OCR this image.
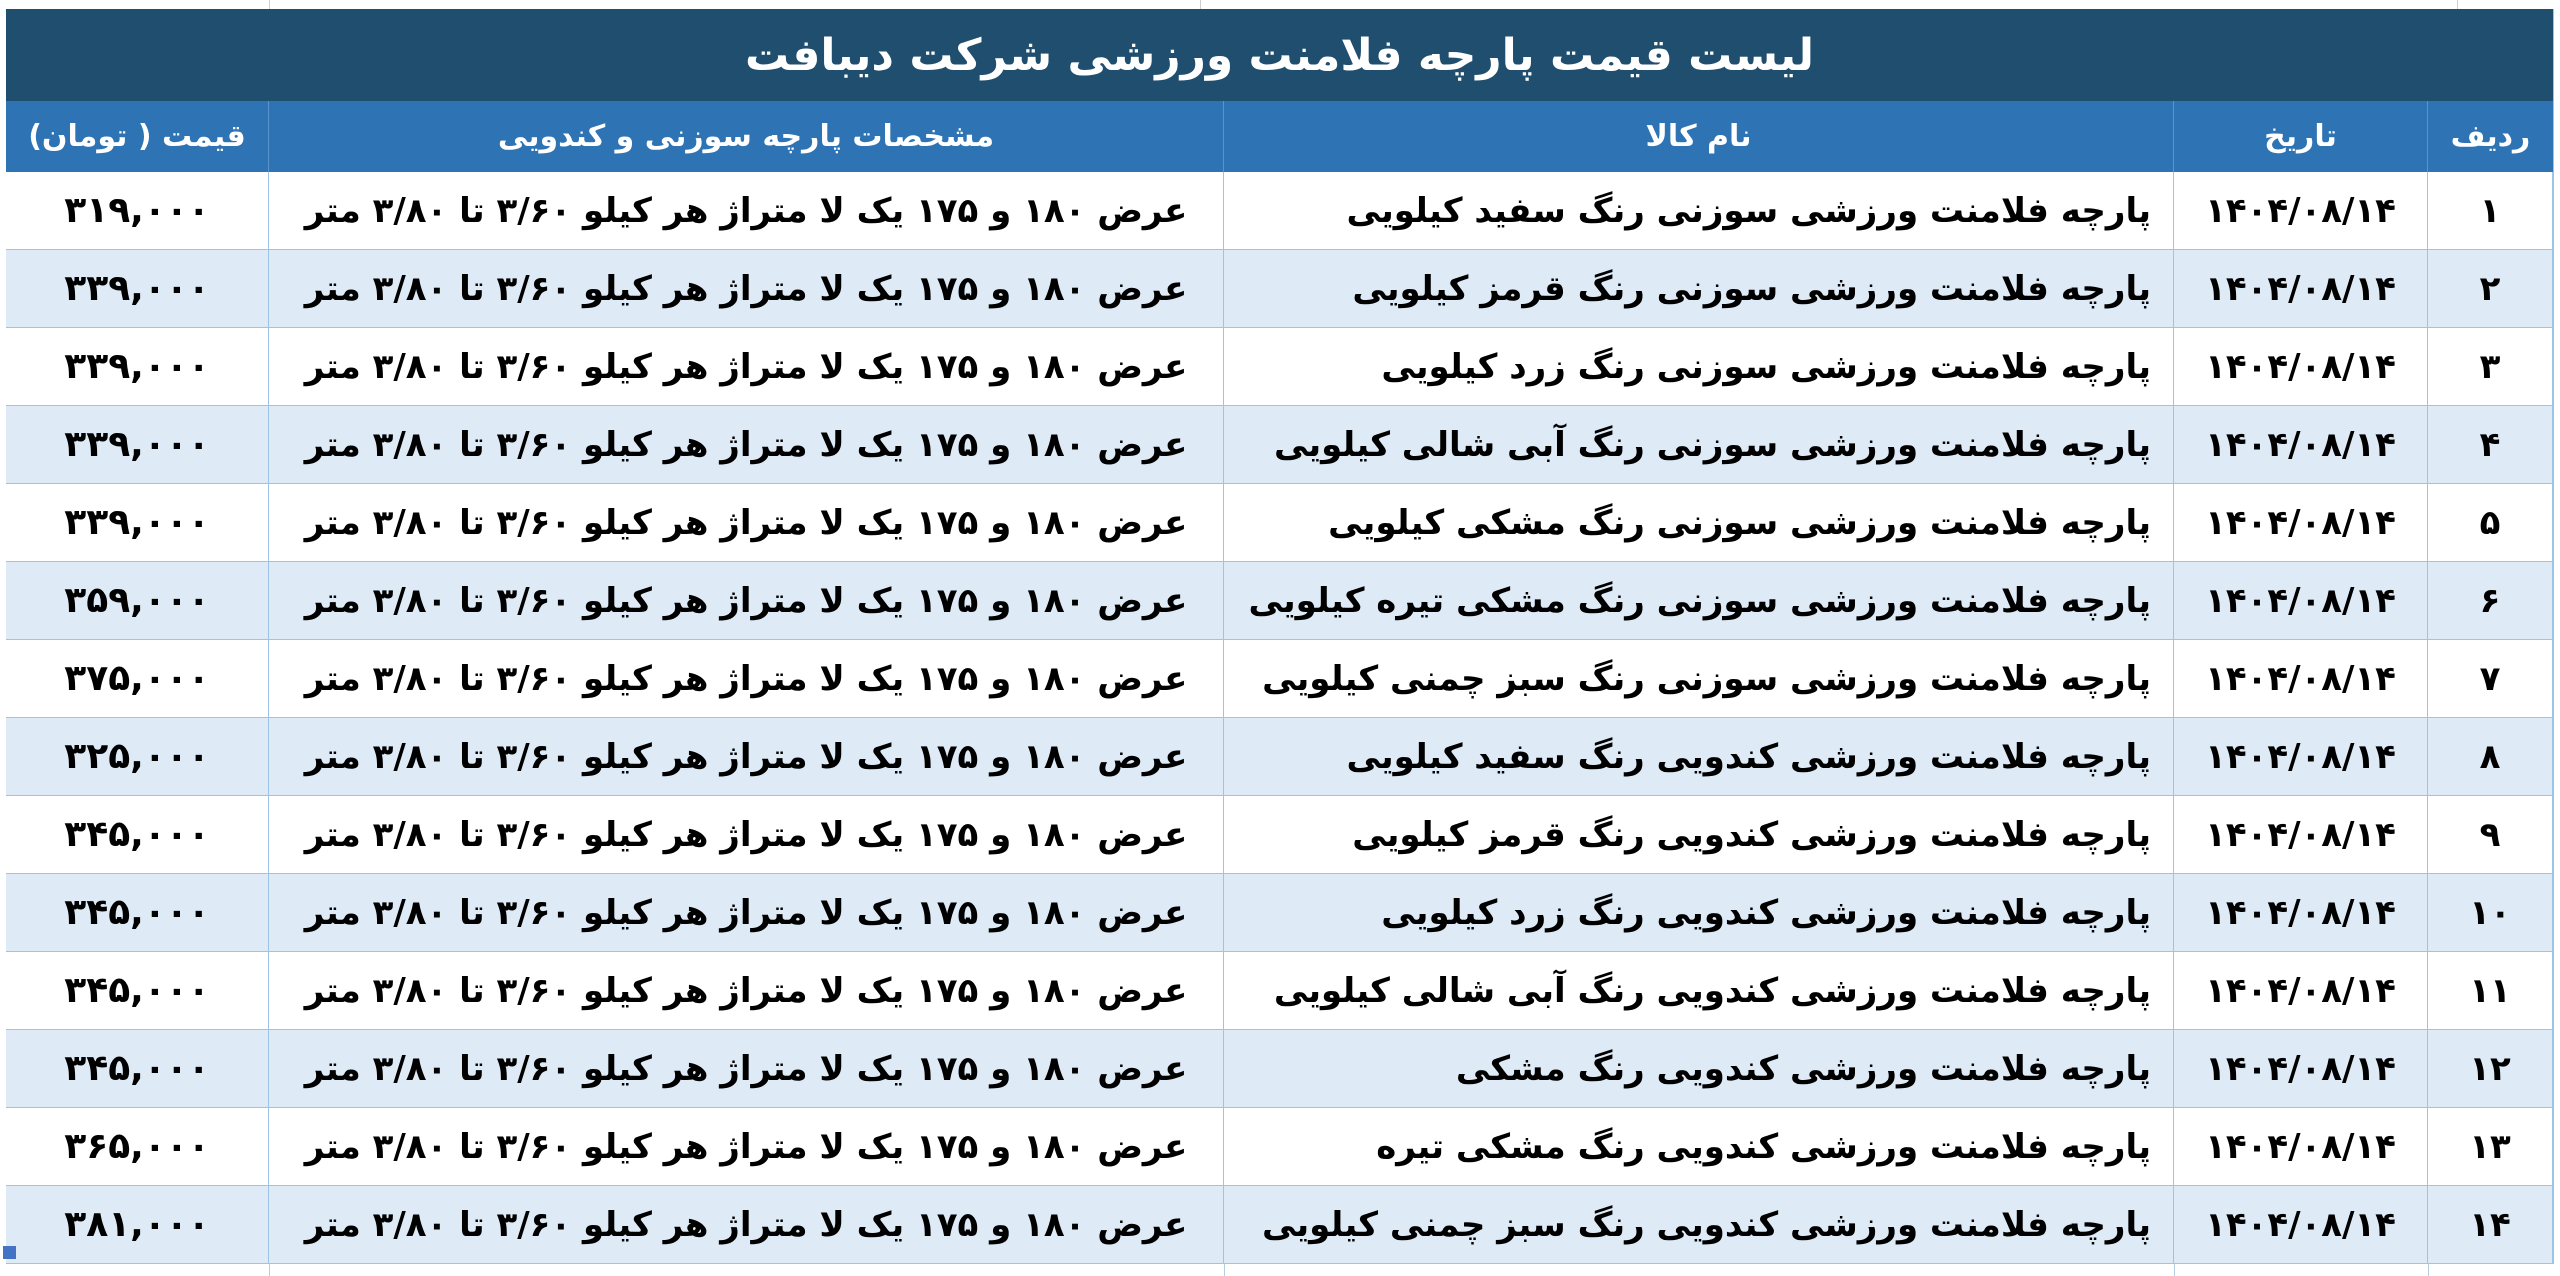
لیست قیمت پارچه فلامنت ورزشی شرکت دیبافت
ردیف
تاریخ
نام کالا
مشخصات پارچه سوزنی و کندویی
قیمت ( تومان)
۱
۱۴۰۴/۰۸/۱۴
پارچه فلامنت ورزشی سوزنی رنگ سفید کیلویی
عرض ۱۸۰ و ۱۷۵ یک لا متراژ هر کیلو ۳/۶۰ تا ۳/۸۰ متر
۳۱۹,۰۰۰
۲
۱۴۰۴/۰۸/۱۴
پارچه فلامنت ورزشی سوزنی رنگ قرمز کیلویی
عرض ۱۸۰ و ۱۷۵ یک لا متراژ هر کیلو ۳/۶۰ تا ۳/۸۰ متر
۳۳۹,۰۰۰
۳
۱۴۰۴/۰۸/۱۴
پارچه فلامنت ورزشی سوزنی رنگ زرد کیلویی
عرض ۱۸۰ و ۱۷۵ یک لا متراژ هر کیلو ۳/۶۰ تا ۳/۸۰ متر
۳۳۹,۰۰۰
۴
۱۴۰۴/۰۸/۱۴
پارچه فلامنت ورزشی سوزنی رنگ آبی شالی کیلویی
عرض ۱۸۰ و ۱۷۵ یک لا متراژ هر کیلو ۳/۶۰ تا ۳/۸۰ متر
۳۳۹,۰۰۰
۵
۱۴۰۴/۰۸/۱۴
پارچه فلامنت ورزشی سوزنی رنگ مشکی کیلویی
عرض ۱۸۰ و ۱۷۵ یک لا متراژ هر کیلو ۳/۶۰ تا ۳/۸۰ متر
۳۳۹,۰۰۰
۶
۱۴۰۴/۰۸/۱۴
پارچه فلامنت ورزشی سوزنی رنگ مشکی تیره کیلویی
عرض ۱۸۰ و ۱۷۵ یک لا متراژ هر کیلو ۳/۶۰ تا ۳/۸۰ متر
۳۵۹,۰۰۰
۷
۱۴۰۴/۰۸/۱۴
پارچه فلامنت ورزشی سوزنی رنگ سبز چمنی کیلویی
عرض ۱۸۰ و ۱۷۵ یک لا متراژ هر کیلو ۳/۶۰ تا ۳/۸۰ متر
۳۷۵,۰۰۰
۸
۱۴۰۴/۰۸/۱۴
پارچه فلامنت ورزشی کندویی رنگ سفید کیلویی
عرض ۱۸۰ و ۱۷۵ یک لا متراژ هر کیلو ۳/۶۰ تا ۳/۸۰ متر
۳۲۵,۰۰۰
۹
۱۴۰۴/۰۸/۱۴
پارچه فلامنت ورزشی کندویی رنگ قرمز کیلویی
عرض ۱۸۰ و ۱۷۵ یک لا متراژ هر کیلو ۳/۶۰ تا ۳/۸۰ متر
۳۴۵,۰۰۰
۱۰
۱۴۰۴/۰۸/۱۴
پارچه فلامنت ورزشی کندویی رنگ زرد کیلویی
عرض ۱۸۰ و ۱۷۵ یک لا متراژ هر کیلو ۳/۶۰ تا ۳/۸۰ متر
۳۴۵,۰۰۰
۱۱
۱۴۰۴/۰۸/۱۴
پارچه فلامنت ورزشی کندویی رنگ آبی شالی کیلویی
عرض ۱۸۰ و ۱۷۵ یک لا متراژ هر کیلو ۳/۶۰ تا ۳/۸۰ متر
۳۴۵,۰۰۰
۱۲
۱۴۰۴/۰۸/۱۴
پارچه فلامنت ورزشی کندویی رنگ مشکی
عرض ۱۸۰ و ۱۷۵ یک لا متراژ هر کیلو ۳/۶۰ تا ۳/۸۰ متر
۳۴۵,۰۰۰
۱۳
۱۴۰۴/۰۸/۱۴
پارچه فلامنت ورزشی کندویی رنگ مشکی تیره
عرض ۱۸۰ و ۱۷۵ یک لا متراژ هر کیلو ۳/۶۰ تا ۳/۸۰ متر
۳۶۵,۰۰۰
۱۴
۱۴۰۴/۰۸/۱۴
پارچه فلامنت ورزشی کندویی رنگ سبز چمنی کیلویی
عرض ۱۸۰ و ۱۷۵ یک لا متراژ هر کیلو ۳/۶۰ تا ۳/۸۰ متر
۳۸۱,۰۰۰
